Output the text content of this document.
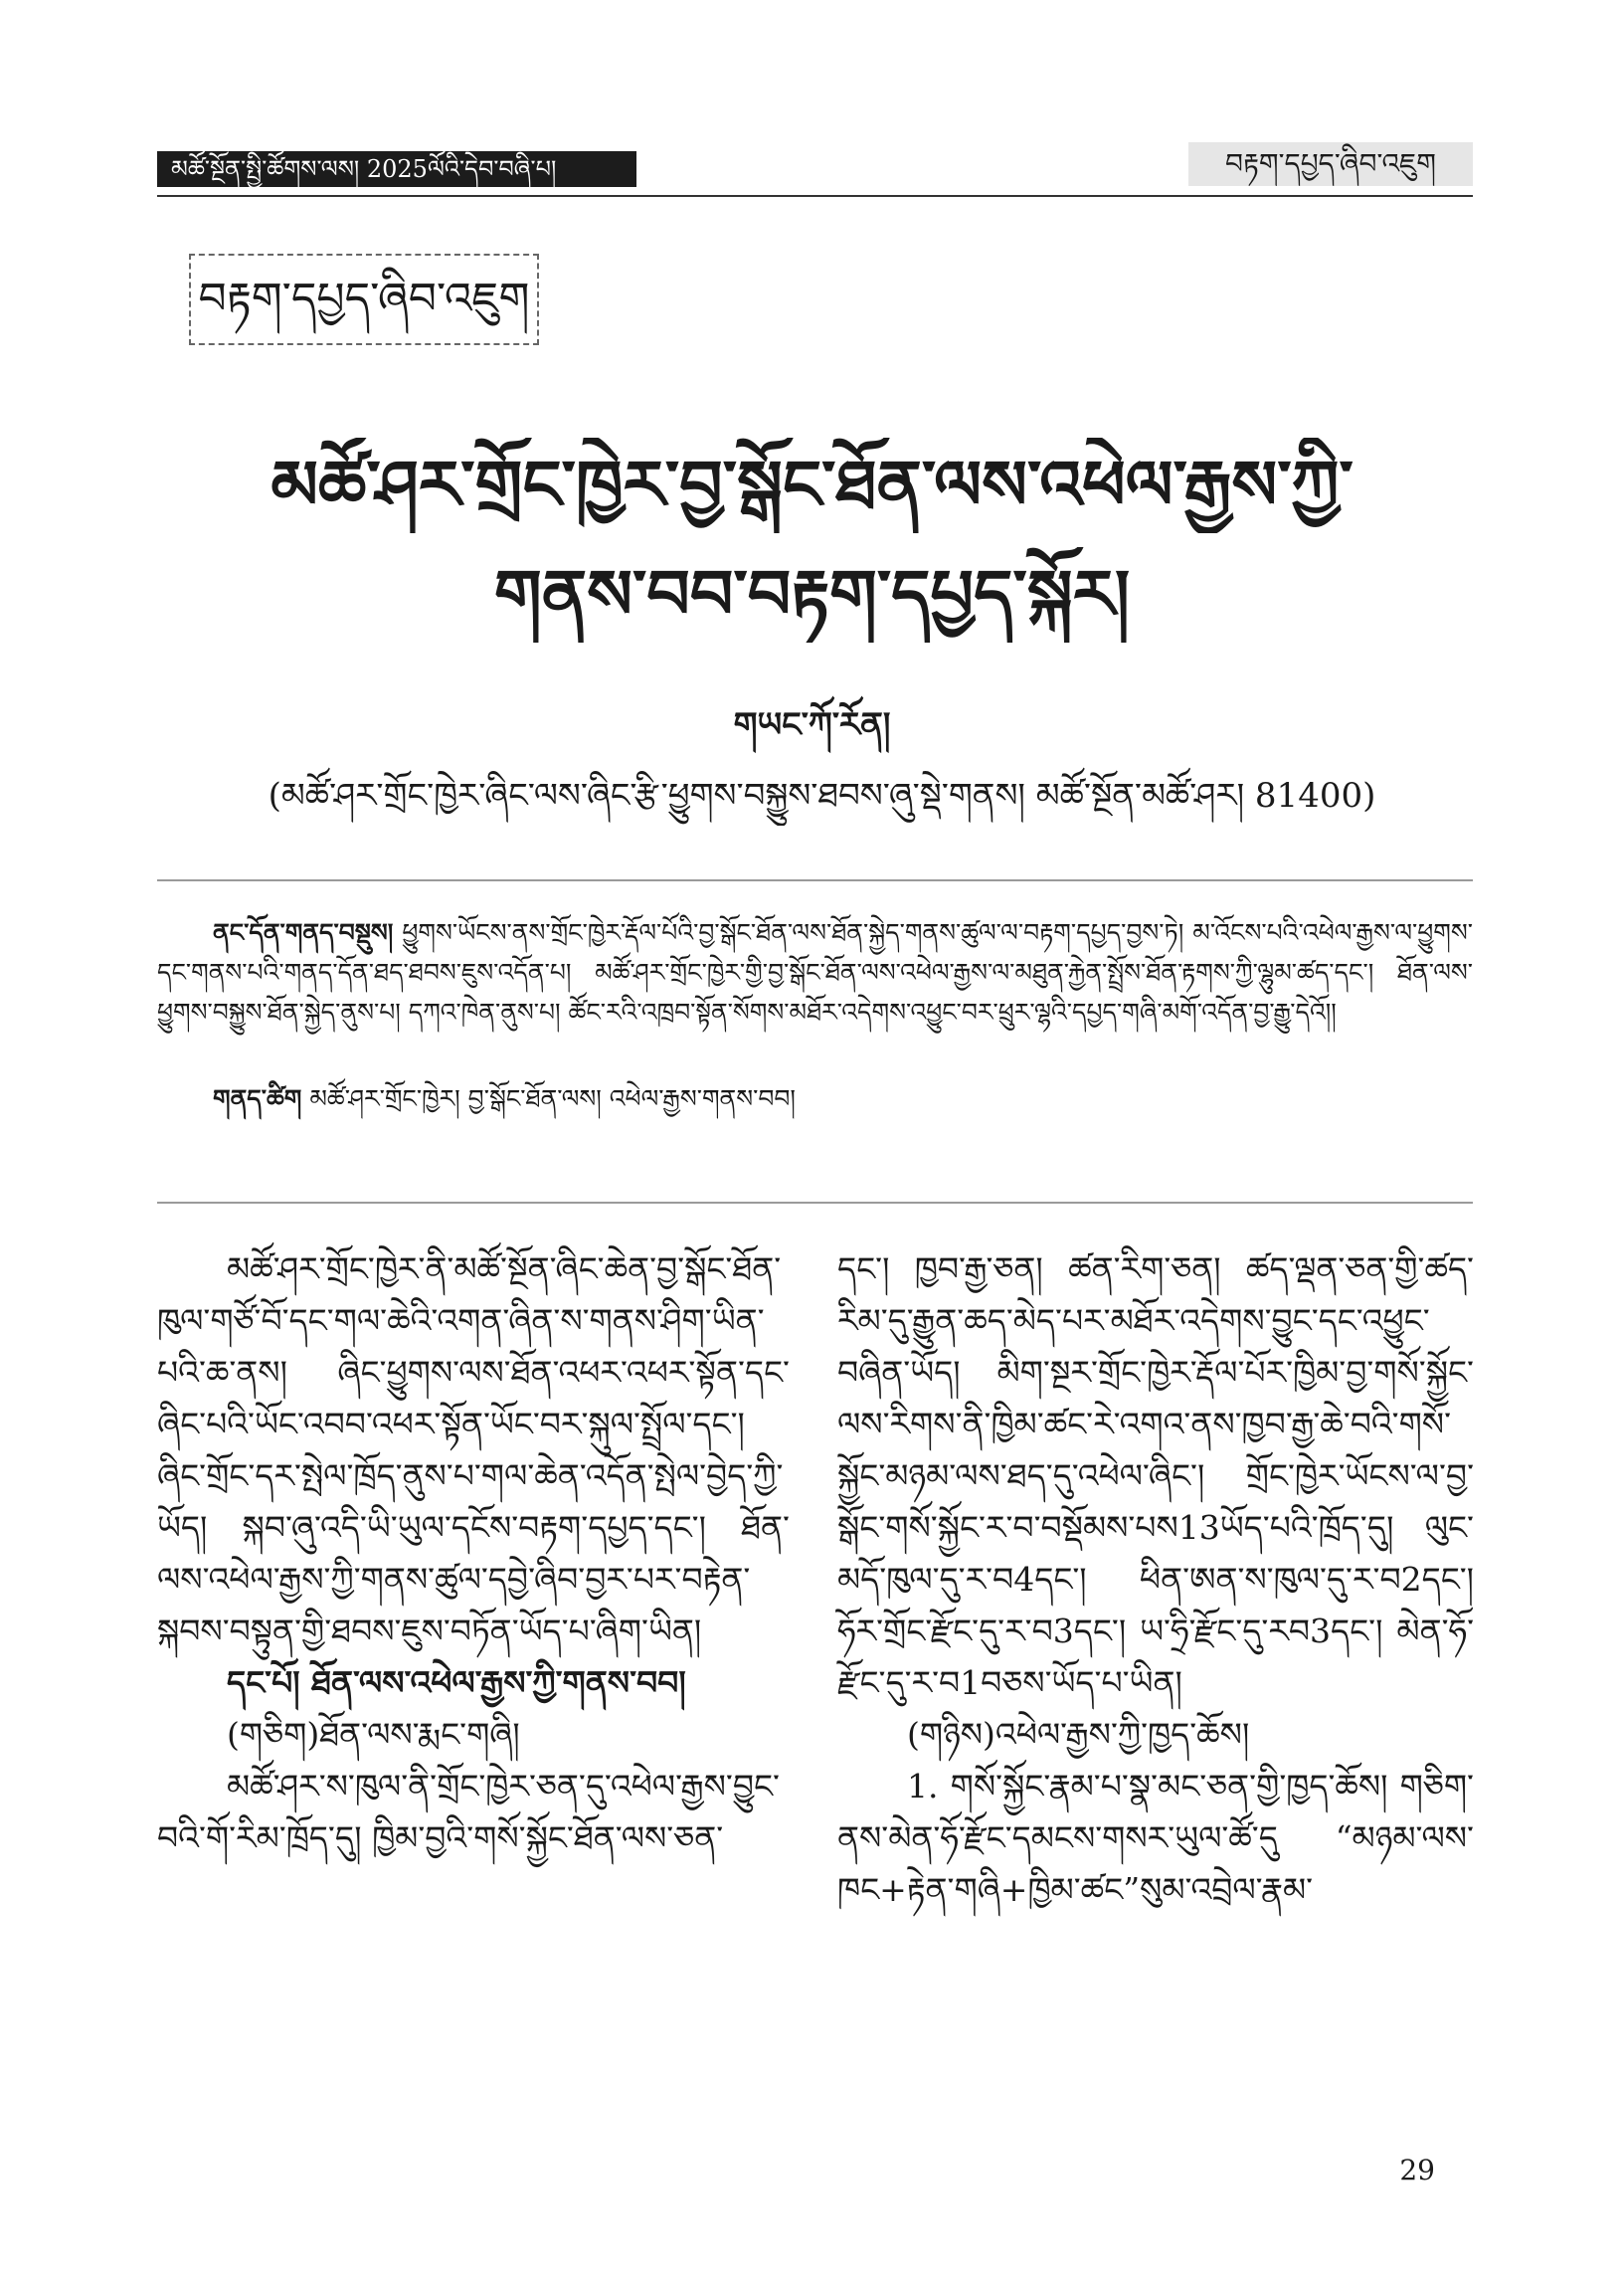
མཚོ་སྔོན་སྤྱི་ཚོགས་ལས། 2025ལོའི་དེབ་བཞི་པ།	བརྟག་དཔྱད་ཞིབ་འཇུག
བརྟག་དཔྱད་ཞིབ་འཇུག
མཚོ་ཤར་གྲོང་ཁྱེར་བྱ་སྒོང་ཐོན་ལས་འཕེལ་རྒྱས་ཀྱི་
གནས་བབ་བརྟག་དཔྱད་སྐོར།
གཡང་ཀོ་རོན།
(མཚོ་ཤར་གྲོང་ཁྱེར་ཞིང་ལས་ཞིང་རྩི་ཕྱུགས་བསྐྱུས་ཐབས་ཞུ་སྡེ་གནས། མཚོ་སྔོན་མཚོ་ཤར། 81400)

ནང་དོན་གནད་བསྡུས། ཕྱུགས་ཡོངས་ནས་གྲོང་ཁྱེར་རྡོལ་པོའི་བྱ་སྒོང་ཐོན་ལས་ཐོན་སྐྱེད་གནས་ཚུལ་ལ་བརྟག་དཔྱད་བྱས་ཏེ། མ་འོངས་པའི་འཕེལ་རྒྱས་ལ་ཕྱུགས་དང་གནས་པའི་གནད་དོན་ཐད་ཐབས་ཇུས་འདོན་པ། མཚོ་ཤར་གྲོང་ཁྱེར་གྱི་བྱ་སྒོང་ཐོན་ལས་འཕེལ་རྒྱས་ལ་མཐུན་རྐྱེན་སྤྲོས་ཐོན་རྟགས་ཀྱི་ལྷུམ་ཚད་དང་། ཐོན་ལས་ཕྱུགས་བསྐྱུས་ཐོན་སྐྱེད་ནུས་པ། དཀའ་ཁེན་ནུས་པ། ཚོང་རའི་འཁྲབ་སྟོན་སོགས་མཐོར་འདེགས་འཕྱུང་བར་ཕྲུར་ལྷའི་དཔྱད་གཞི་མགོ་འདོན་བྱ་རྒྱུ་དེའོ།།

གནད་ཚིག མཚོ་ཤར་གྲོང་ཁྱེར། བྱ་སྒོང་ཐོན་ལས། འཕེལ་རྒྱས་གནས་བབ།

མཚོ་ཤར་གྲོང་ཁྱེར་ནི་མཚོ་སྔོན་ཞིང་ཆེན་བྱ་སྒོང་ཐོན་ཁུལ་གཙོ་བོ་དང་གལ་ཆེའི་འགན་ཞིན་ས་གནས་ཤིག་ཡིན་པའི་ཆ་ནས། ཞིང་ཕྱུགས་ལས་ཐོན་འཕར་འཕར་སྟོན་དང་ཞིང་པའི་ཡོང་འབབ་འཕར་སྟོན་ཡོང་བར་སྐུལ་སྤྲོལ་དང་། ཞིང་གྲོང་དར་སྤེལ་ཁྲོད་ནུས་པ་གལ་ཆེན་འདོན་སྤེལ་བྱེད་ཀྱི་ཡོད། སྐབ་ཞུ་འདི་ཡི་ཡུལ་དངོས་བརྟག་དཔྱད་དང་། ཐོན་ལས་འཕེལ་རྒྱས་ཀྱི་གནས་ཚུལ་དབྱེ་ཞིབ་བྱར་པར་བརྟེན་སྐབས་བསྟུན་གྱི་ཐབས་ཇུས་བཏོན་ཡོད་པ་ཞིག་ཡིན།

དང་པོ། ཐོན་ལས་འཕེལ་རྒྱས་ཀྱི་གནས་བབ།

(གཅིག)ཐོན་ལས་རྨང་གཞི།

མཚོ་ཤར་ས་ཁུལ་ནི་གྲོང་ཁྱེར་ཅན་དུ་འཕེལ་རྒྱས་བྱུང་བའི་གོ་རིམ་ཁྲོད་དུ། ཁྱིམ་བྱའི་གསོ་སྐྱོང་ཐོན་ལས་ཅན་

དང་། ཁྱབ་རྒྱ་ཅན། ཚན་རིག་ཅན། ཚད་ལྡན་ཅན་གྱི་ཚད་རིམ་དུ་རྒྱུན་ཆད་མེད་པར་མཐོར་འདེགས་བྱུང་དང་འཕྱུང་བཞིན་ཡོད། མིག་སྔར་གྲོང་ཁྱེར་རྡོལ་པོར་ཁྱིམ་བྱ་གསོ་སྐྱོང་ལས་རིགས་ནི་ཁྱིམ་ཚང་རེ་འགའ་ནས་ཁྱབ་རྒྱ་ཆེ་བའི་གསོ་སྐྱོང་མཉམ་ལས་ཐད་དུ་འཕེལ་ཞིང་། གྲོང་ཁྱེར་ཡོངས་ལ་བྱ་སྒོང་གསོ་སྐྱོང་ར་བ་བསྡོམས་པས13ཡོད་པའི་ཁྲོད་དུ། ལུང་མདོ་ཁུལ་དུ་ར་བ4དང་། ཕིན་ཨན་ས་ཁུལ་དུ་ར་བ2དང་། ཧོར་གྲོང་རྫོང་དུ་ར་བ3དང་། ཡ་ཧྲི་རྫོང་དུ་རབ3དང་། མེན་ཧོ་རྫོང་དུ་ར་བ1བཅས་ཡོད་པ་ཡིན།

(གཉིས)འཕེལ་རྒྱས་ཀྱི་ཁྱད་ཆོས།

1. གསོ་སྐྱོང་རྣམ་པ་སྣ་མང་ཅན་གྱི་ཁྱད་ཆོས། གཅིག་ནས་མེན་ཧོ་རྫོང་དམངས་གསར་ཡུལ་ཚོ་དུ “མཉམ་ལས་ཁང+རྟེན་གཞི+ཁྱིམ་ཚང”སུམ་འབྲེལ་རྣམ་

29
